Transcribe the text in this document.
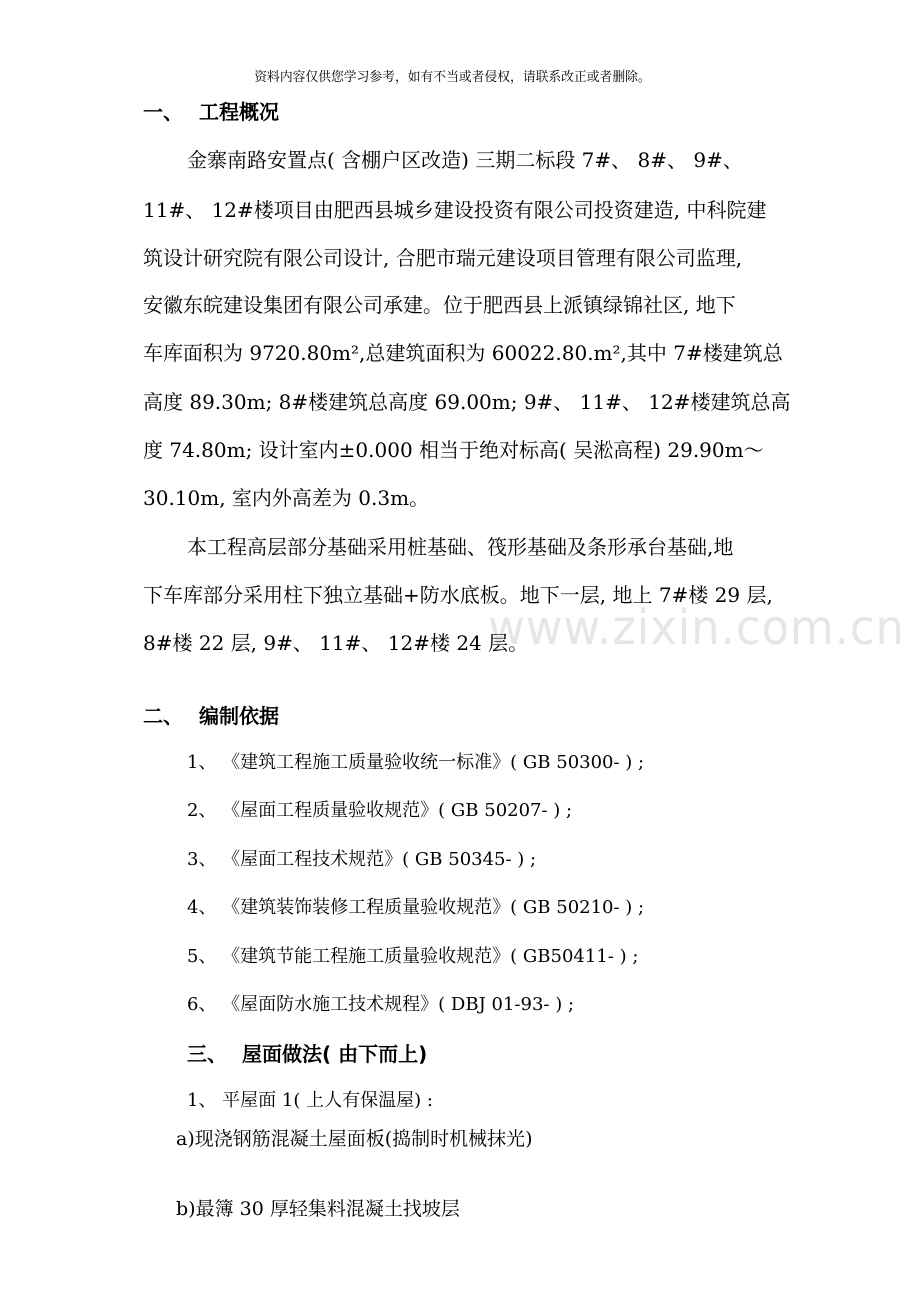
资料内容仅供您学习参考，如有不当或者侵权，请联系改正或者删除。
www.zixin.com.cn
一、 工程概况
金寨南路安置点( 含棚户区改造) 三期二标段 7#、 8#、 9#、
11#、 12#楼项目由肥西县城乡建设投资有限公司投资建造, 中科院建
筑设计研究院有限公司设计, 合肥市瑞元建设项目管理有限公司监理,
安徽东皖建设集团有限公司承建。位于肥西县上派镇绿锦社区, 地下
车库面积为 9720.80m²,总建筑面积为 60022.80.m²,其中 7#楼建筑总
高度 89.30m; 8#楼建筑总高度 69.00m; 9#、 11#、 12#楼建筑总高
度 74.80m; 设计室内±0.000 相当于绝对标高( 吴淞高程) 29.90m～
30.10m, 室内外高差为 0.3m。
本工程高层部分基础采用桩基础、筏形基础及条形承台基础,地
下车库部分采用柱下独立基础+防水底板。地下一层, 地上 7#楼 29 层,
8#楼 22 层, 9#、 11#、 12#楼 24 层。
二、 编制依据
1、 《建筑工程施工质量验收统一标准》( GB 50300- ) ;
2、 《屋面工程质量验收规范》( GB 50207- ) ;
3、 《屋面工程技术规范》( GB 50345- ) ;
4、 《建筑装饰装修工程质量验收规范》( GB 50210- ) ;
5、 《建筑节能工程施工质量验收规范》( GB50411- ) ;
6、 《屋面防水施工技术规程》( DBJ 01-93- ) ;
三、 屋面做法( 由下而上)
1、 平屋面 1( 上人有保温屋) :
a)现浇钢筋混凝土屋面板(捣制时机械抹光)
b)最簿 30 厚轻集料混凝土找坡层
